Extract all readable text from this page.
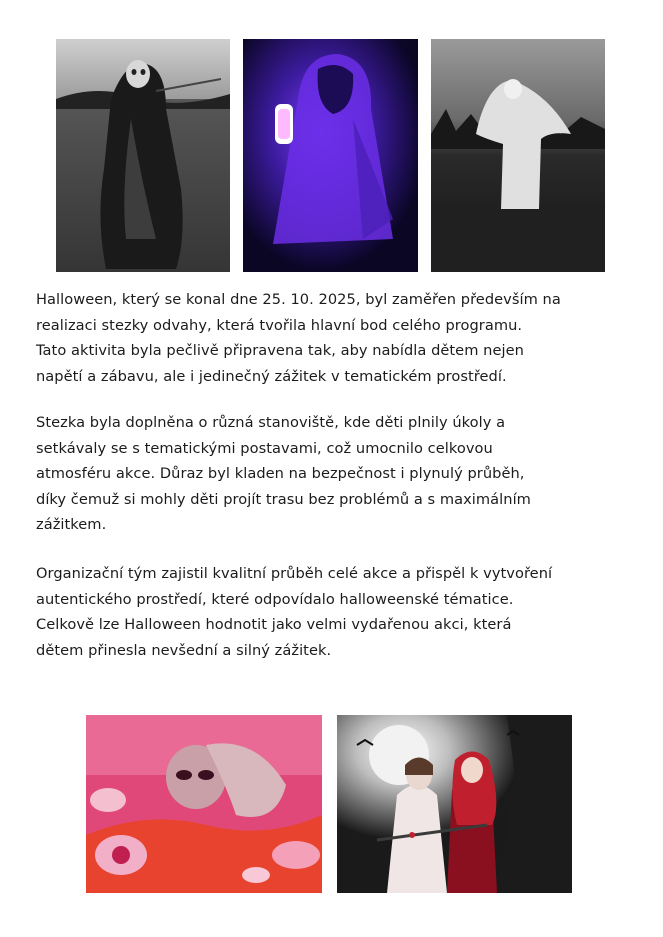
Halloween, který se konal dne 25. 10. 2025, byl zaměřen především na
realizaci stezky odvahy, která tvořila hlavní bod celého programu.
Tato aktivita byla pečlivě připravena tak, aby nabídla dětem nejen
napětí a zábavu, ale i jedinečný zážitek v tematickém prostředí.

Stezka byla doplněna o různá stanoviště, kde děti plnily úkoly a
setkávaly se s tematickými postavami, což umocnilo celkovou
atmosféru akce. Důraz byl kladen na bezpečnost i plynulý průběh,
díky čemuž si mohly děti projít trasu bez problémů a s maximálním
zážitkem.

Organizační tým zajistil kvalitní průběh celé akce a přispěl k vytvoření
autentického prostředí, které odpovídalo halloweenské tématice.
Celkově lze Halloween hodnotit jako velmi vydařenou akci, která
dětem přinesla nevšední a silný zážitek.
